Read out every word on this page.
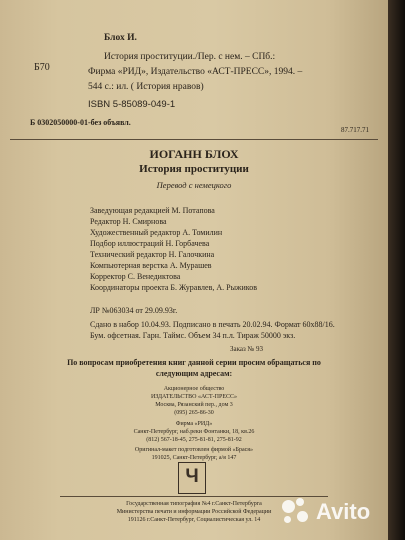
Б70
Блох И.
История проституции./Пер. с нем. – СПб.:
Фирма «РИД», Издательство «АСТ-ПРЕСС», 1994. –
544 с.: ил. ( История нравов)
ISBN 5-85089-049-1
Б 0302050000-01-без объявл.
87.717.71
ИОГАНН БЛОХ
История проституции
Перевод с немецкого
Заведующая редакцией М. Потапова
Редактор Н. Смирнова
Художественный редактор А. Томилин
Подбор иллюстраций Н. Горбачева
Технический редактор Н. Галочкина
Компьютерная верстка А. Мурашев
Корректор С. Венедиктова
Координаторы проекта Б. Журавлев, А. Рыжиков
ЛР №063034 от 29.09.93г.
Сдано в набор 10.04.93. Подписано в печать 20.02.94. Формат 60х88/16.
Бум. офсетная. Гарн. Таймс. Объем 34 п.л. Тираж 50000 экз.
Заказ № 93
По вопросам приобретения книг данной серии просим обращаться по
следующим адресам:
Акционерное общество
ИЗДАТЕЛЬСТВО «АСТ-ПРЕСС»
Москва, Рязанский пер., дом 3
(095) 265-86-30
Фирма «РИД»
Санкт-Петербург, наб.реки Фонтанки, 18, кв.26
(812) 567-18-45, 275-81-81, 275-81-92
Оригинал-макет подготовлен фирмой «Брася»
191025, Санкт-Петербург, а/я 147
Ч
Государственная типография №4 г.Санкт-Петербурга
Министерства печати и информации Российской Федерации
191126 г.Санкт-Петербург, Социалистическая ул. 14	Avito
